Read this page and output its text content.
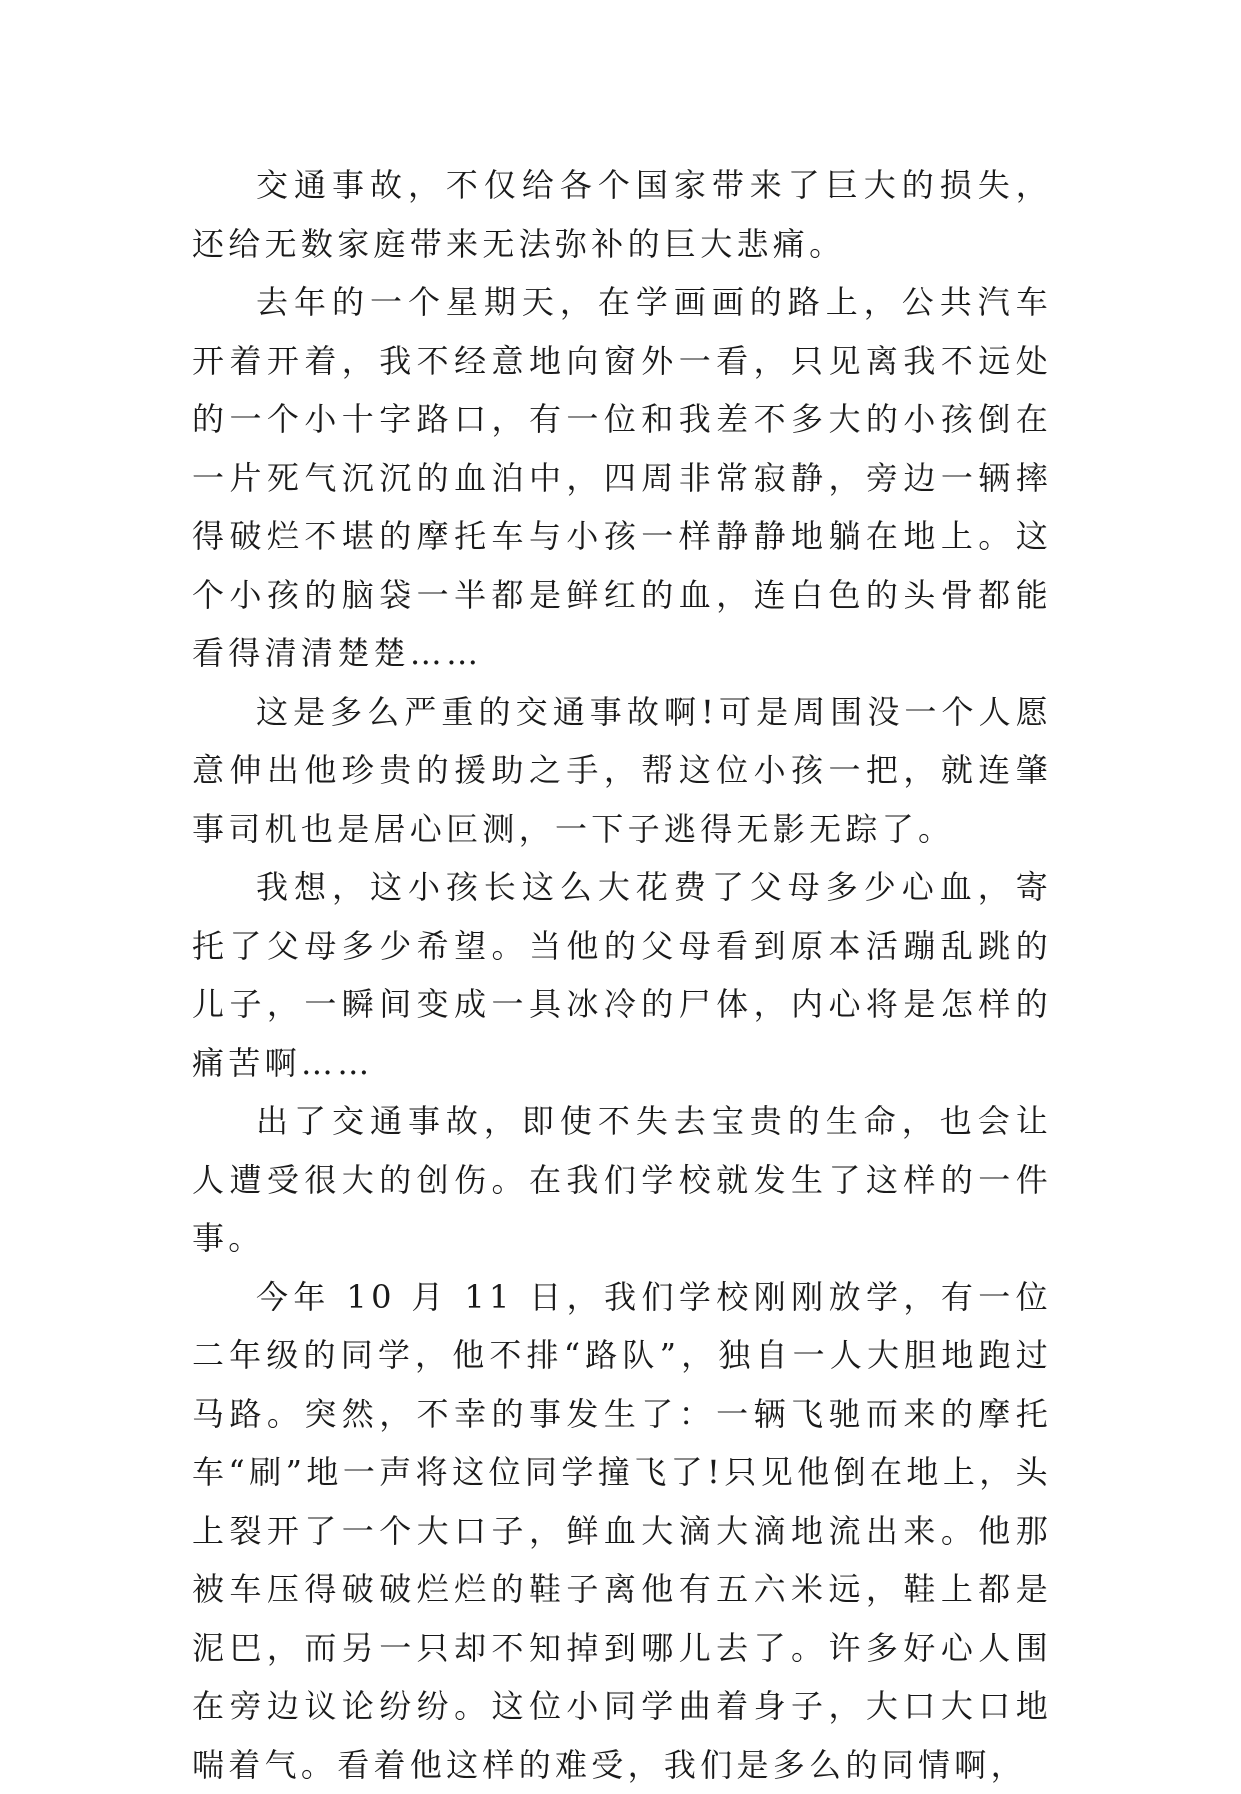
交通事故，不仅给各个国家带来了巨大的损失，还给无数家庭带来无法弥补的巨大悲痛。

去年的一个星期天，在学画画的路上，公共汽车开着开着，我不经意地向窗外一看，只见离我不远处的一个小十字路口，有一位和我差不多大的小孩倒在一片死气沉沉的血泊中，四周非常寂静，旁边一辆摔得破烂不堪的摩托车与小孩一样静静地躺在地上。这个小孩的脑袋一半都是鲜红的血，连白色的头骨都能看得清清楚楚……

这是多么严重的交通事故啊!可是周围没一个人愿意伸出他珍贵的援助之手，帮这位小孩一把，就连肇事司机也是居心叵测，一下子逃得无影无踪了。

我想，这小孩长这么大花费了父母多少心血，寄托了父母多少希望。当他的父母看到原本活蹦乱跳的儿子，一瞬间变成一具冰冷的尸体，内心将是怎样的痛苦啊……

出了交通事故，即使不失去宝贵的生命，也会让人遭受很大的创伤。在我们学校就发生了这样的一件事。

今年 10 月 11 日，我们学校刚刚放学，有一位二年级的同学，他不排“路队”，独自一人大胆地跑过马路。突然，不幸的事发生了：一辆飞驰而来的摩托车“刷”地一声将这位同学撞飞了!只见他倒在地上，头上裂开了一个大口子，鲜血大滴大滴地流出来。他那被车压得破破烂烂的鞋子离他有五六米远，鞋上都是泥巴，而另一只却不知掉到哪儿去了。许多好心人围在旁边议论纷纷。这位小同学曲着身子，大口大口地喘着气。看着他这样的难受，我们是多么的同情啊，
